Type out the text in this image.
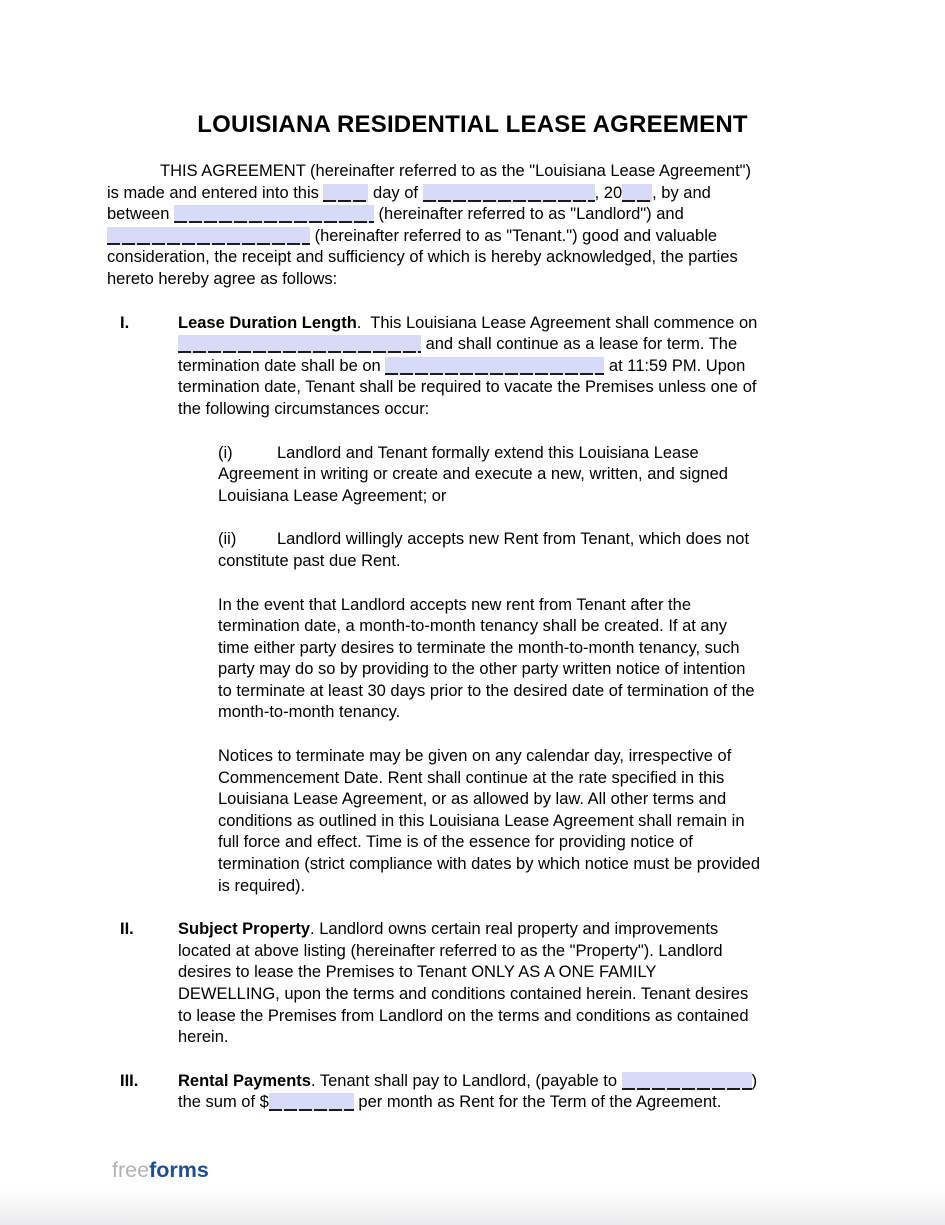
LOUISIANA RESIDENTIAL LEASE AGREEMENT
THIS AGREEMENT (hereinafter referred to as the "Louisiana Lease Agreement")
is made and entered into this	day of	, 20 , by and
between	(hereinafter referred to as "Landlord") and
(hereinafter referred to as "Tenant.") good and valuable
consideration, the receipt and sufficiency of which is hereby acknowledged, the parties
hereto hereby agree as follows:
I.	Lease Duration Length.  This Louisiana Lease Agreement shall commence on
and shall continue as a lease for term. The
termination date shall be on	at 11:59 PM. Upon
termination date, Tenant shall be required to vacate the Premises unless one of
the following circumstances occur:
(i)	Landlord and Tenant formally extend this Louisiana Lease
Agreement in writing or create and execute a new, written, and signed
Louisiana Lease Agreement; or
(ii) Landlord willingly accepts new Rent from Tenant, which does not
constitute past due Rent.
In the event that Landlord accepts new rent from Tenant after the
termination date, a month-to-month tenancy shall be created. If at any
time either party desires to terminate the month-to-month tenancy, such
party may do so by providing to the other party written notice of intention
to terminate at least 30 days prior to the desired date of termination of the
month-to-month tenancy.
Notices to terminate may be given on any calendar day, irrespective of
Commencement Date. Rent shall continue at the rate specified in this
Louisiana Lease Agreement, or as allowed by law. All other terms and
conditions as outlined in this Louisiana Lease Agreement shall remain in
full force and effect. Time is of the essence for providing notice of
termination (strict compliance with dates by which notice must be provided
is required).
II.	Subject Property. Landlord owns certain real property and improvements
located at above listing (hereinafter referred to as the "Property"). Landlord
desires to lease the Premises to Tenant ONLY AS A ONE FAMILY
DEWELLING, upon the terms and conditions contained herein. Tenant desires
to lease the Premises from Landlord on the terms and conditions as contained
herein.
III.	Rental Payments. Tenant shall pay to Landlord, (payable to	)
the sum of $	per month as Rent for the Term of the Agreement.
freeforms
